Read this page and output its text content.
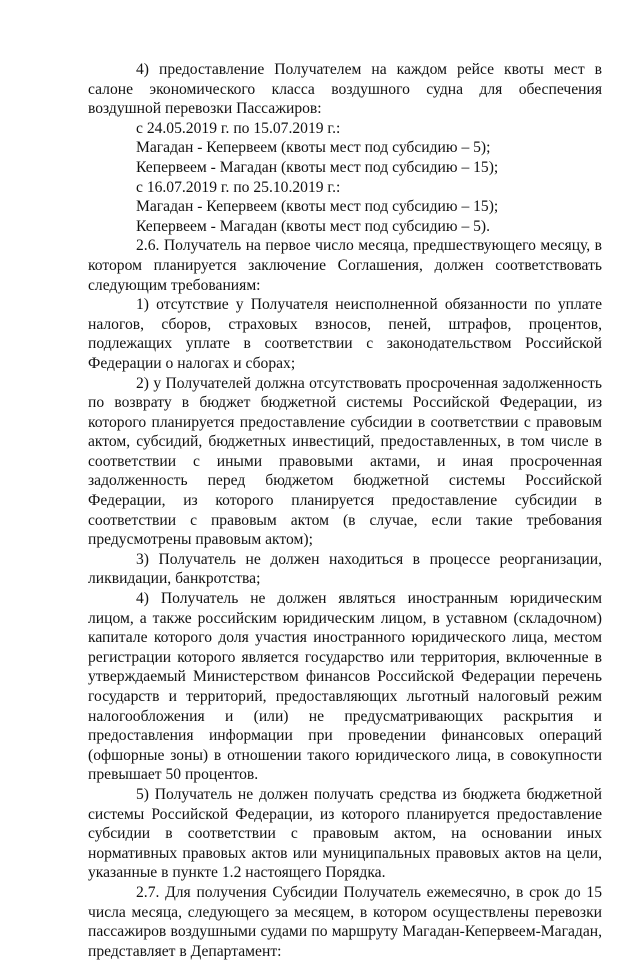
4) предоставление Получателем на каждом рейсе квоты мест в салоне экономического класса воздушного судна для обеспечения воздушной перевозки Пассажиров:

с 24.05.2019 г. по 15.07.2019 г.:

Магадан - Кепервеем (квоты мест под субсидию – 5);

Кепервеем - Магадан (квоты мест под субсидию – 15);

с 16.07.2019 г. по 25.10.2019 г.:

Магадан - Кепервеем (квоты мест под субсидию – 15);

Кепервеем - Магадан (квоты мест под субсидию – 5).

2.6. Получатель на первое число месяца, предшествующего месяцу, в котором планируется заключение Соглашения, должен соответствовать следующим требованиям:

1) отсутствие у Получателя неисполненной обязанности по уплате налогов, сборов, страховых взносов, пеней, штрафов, процентов, подлежащих уплате в соответствии с законодательством Российской Федерации о налогах и сборах;

2) у Получателей должна отсутствовать просроченная задолженность по возврату в бюджет бюджетной системы Российской Федерации, из которого планируется предоставление субсидии в соответствии с правовым актом, субсидий, бюджетных инвестиций, предоставленных, в том числе в соответствии с иными правовыми актами, и иная просроченная задолженность перед бюджетом бюджетной системы Российской Федерации, из которого планируется предоставление субсидии в соответствии с правовым актом (в случае, если такие требования предусмотрены правовым актом);

3) Получатель не должен находиться в процессе реорганизации, ликвидации, банкротства;

4) Получатель не должен являться иностранным юридическим лицом, а также российским юридическим лицом, в уставном (складочном) капитале которого доля участия иностранного юридического лица, местом регистрации которого является государство или территория, включенные в утверждаемый Министерством финансов Российской Федерации перечень государств и территорий, предоставляющих льготный налоговый режим налогообложения и (или) не предусматривающих раскрытия и предоставления информации при проведении финансовых операций (офшорные зоны) в отношении такого юридического лица, в совокупности превышает 50 процентов.

5) Получатель не должен получать средства из бюджета бюджетной системы Российской Федерации, из которого планируется предоставление субсидии в соответствии с правовым актом, на основании иных нормативных правовых актов или муниципальных правовых актов на цели, указанные в пункте 1.2 настоящего Порядка.

2.7. Для получения Субсидии Получатель ежемесячно, в срок до 15 числа месяца, следующего за месяцем, в котором осуществлены перевозки пассажиров воздушными судами по маршруту Магадан-Кепервеем-Магадан, представляет в Департамент:
